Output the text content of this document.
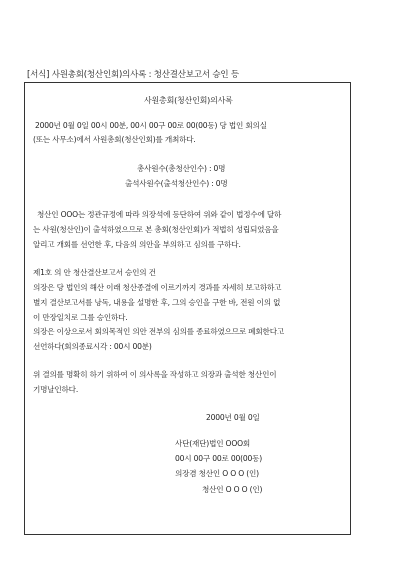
[서식] 사원총회(청산인회)의사록 : 청산결산보고서 승인 등
사원총회(청산인회)의사록
2000년 0월 0일 00시 00분, 00시 00구 00로 00(00동) 당 법인 회의실
(또는 사무소)에서 사원총회(청산인회)를 개최하다.
총사원수(총청산인수) : 0명
출석사원수(출석청산인수) : 0명
청산인 OOO는 정관규정에 따라 의장석에 등단하여 위와 같이 법정수에 달하
는 사원(청산인)이 출석하였으므로 본 총회(청산인회)가 적법히 성립되었음을
알리고 개회를 선언한 후, 다음의 의안을 부의하고 심의를 구하다.
제1호 의 안 청산결산보고서 승인의 건
의장은 당 법인의 해산 이래 청산종결에 이르기까지 경과를 자세히 보고하하고
별지 결산보고서를 낭독, 내용을 설명한 후, 그의 승인을 구한 바, 전원 이의 없
이 만장일치로 그를 승인하다.
의장은 이상으로서 회의목적인 의안 전부의 심의를 종료하였으므로 폐회한다고
선언하다(회의종료시각 : 00시 00분)
위 결의를 명확히 하기 위하여 이 의사록을 작성하고 의장과 출석한 청산인이
기명날인하다.
2000년 0월 0일
사단(재단)법인 OOO회
00시 00구 00로 00(00동)
의장겸 청산인 O O O (인)
청산인 O O O (인)
